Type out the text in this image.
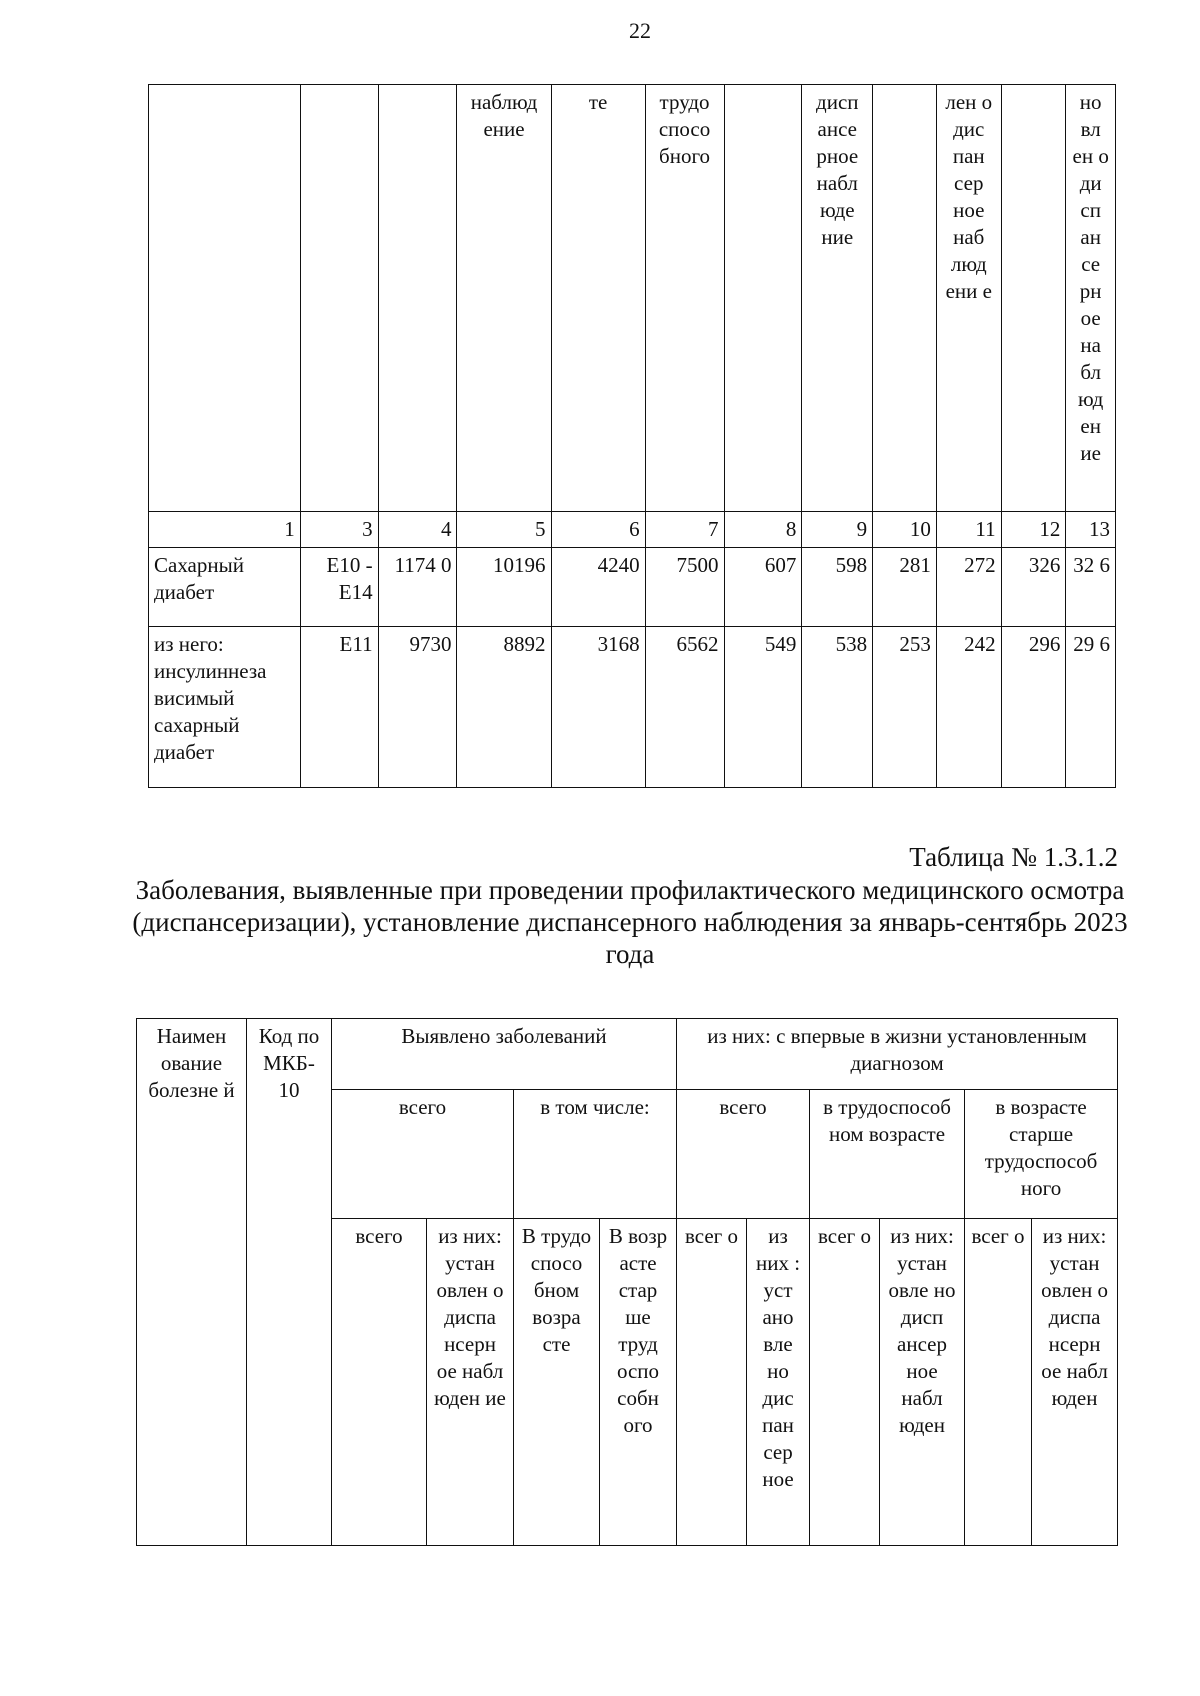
22
			наблюд ение	те	трудо спосо бного		дисп ансе рное набл юде ние		лен о дис пан сер ное наб люд ени е		но вл ен о ди сп ан се рн ое на бл юд ен ие
1	3	4	5	6	7	8	9	10	11	12	13
Сахарный диабет	E10 - E14	1174 0	10196	4240	7500	607	598	281	272	326	32 6
из него: инсулиннеза висимый сахарный диабет	E11	9730	8892	3168	6562	549	538	253	242	296	29 6
Таблица № 1.3.1.2
Заболевания, выявленные при проведении профилактического медицинского осмотра (диспансеризации), установление диспансерного наблюдения за январь-сентябрь 2023 года
Наимен ование болезне й	Код по МКБ- 10	Выявлено заболеваний				из них: с впервые в жизни установленным диагнозом					
		всего		в том числе:		всего		в трудоспособ ном возрасте		в возрасте старше трудоспособ ного	
		всего	из них: устан овлен о диспа нсерн ое набл юден ие	В трудо спосо бном возра сте	В возр асте стар ше труд оспо собн ого	всег о	из них : уст ано вле но дис пан сер ное	всег о	из них: устан овле но дисп ансер ное набл юден	всег о	из них: устан овлен о диспа нсерн ое набл юден
